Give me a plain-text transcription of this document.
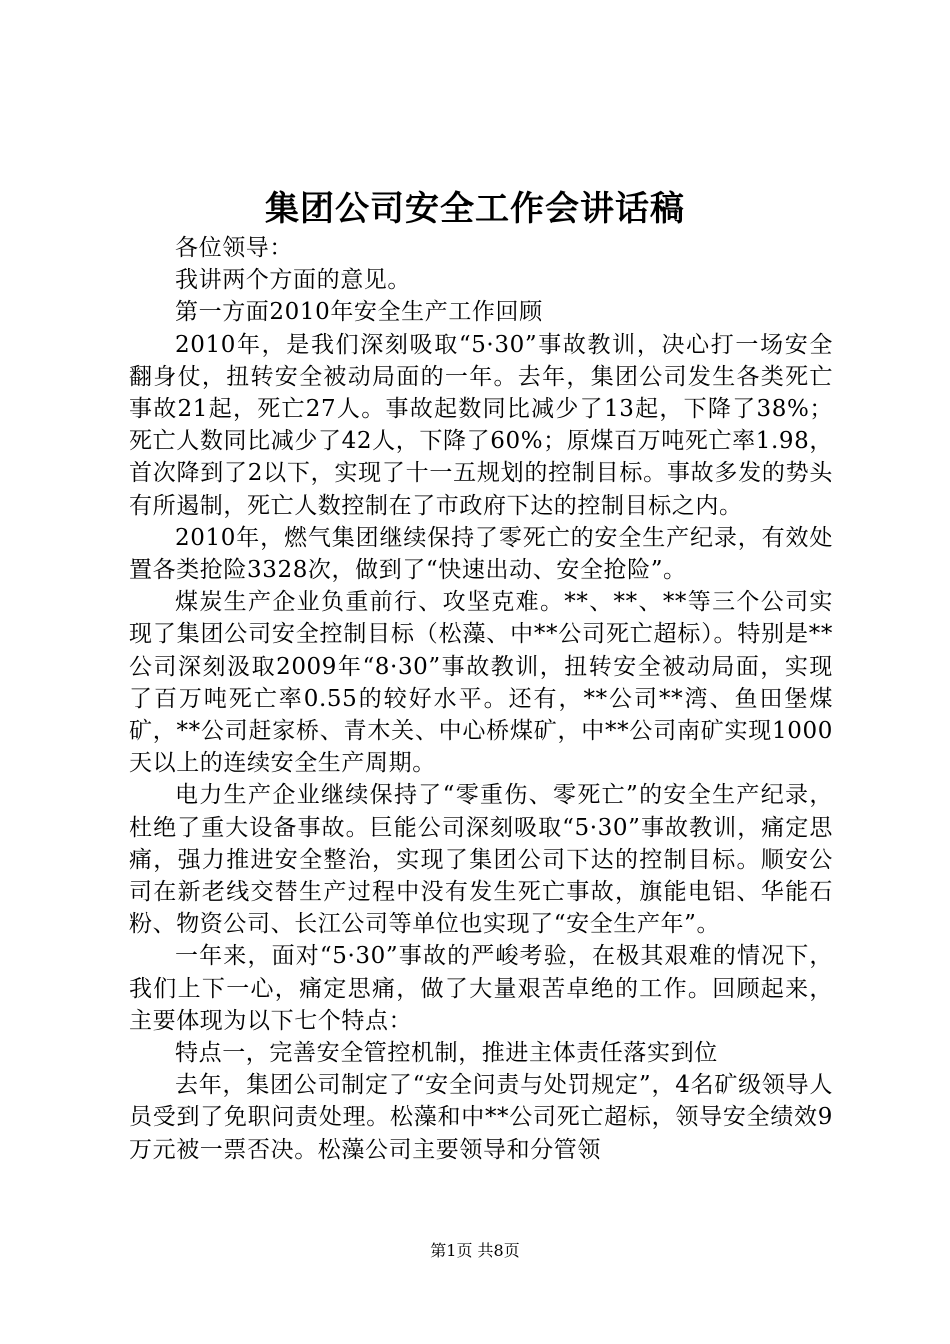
集团公司安全工作会讲话稿

各位领导：

我讲两个方面的意见。

第一方面2010年安全生产工作回顾

2010年，是我们深刻吸取“5·30”事故教训，决心打一场安全翻身仗，扭转安全被动局面的一年。去年，集团公司发生各类死亡事故21起，死亡27人。事故起数同比减少了13起，下降了38%；死亡人数同比减少了42人，下降了60%；原煤百万吨死亡率1.98，首次降到了2以下，实现了十一五规划的控制目标。事故多发的势头有所遏制，死亡人数控制在了市政府下达的控制目标之内。

2010年，燃气集团继续保持了零死亡的安全生产纪录，有效处置各类抢险3328次，做到了“快速出动、安全抢险”。

煤炭生产企业负重前行、攻坚克难。**、**、**等三个公司实现了集团公司安全控制目标（松藻、中**公司死亡超标）。特别是**公司深刻汲取2009年“8·30”事故教训，扭转安全被动局面，实现了百万吨死亡率0.55的较好水平。还有，**公司**湾、鱼田堡煤矿，**公司赶家桥、青木关、中心桥煤矿，中**公司南矿实现1000天以上的连续安全生产周期。

电力生产企业继续保持了“零重伤、零死亡”的安全生产纪录，杜绝了重大设备事故。巨能公司深刻吸取“5·30”事故教训，痛定思痛，强力推进安全整治，实现了集团公司下达的控制目标。顺安公司在新老线交替生产过程中没有发生死亡事故，旗能电铝、华能石粉、物资公司、长江公司等单位也实现了“安全生产年”。

一年来，面对“5·30”事故的严峻考验，在极其艰难的情况下，我们上下一心，痛定思痛，做了大量艰苦卓绝的工作。回顾起来，主要体现为以下七个特点：

特点一，完善安全管控机制，推进主体责任落实到位

去年，集团公司制定了“安全问责与处罚规定”，4名矿级领导人员受到了免职问责处理。松藻和中**公司死亡超标，领导安全绩效9万元被一票否决。松藻公司主要领导和分管领

第1页 共8页
